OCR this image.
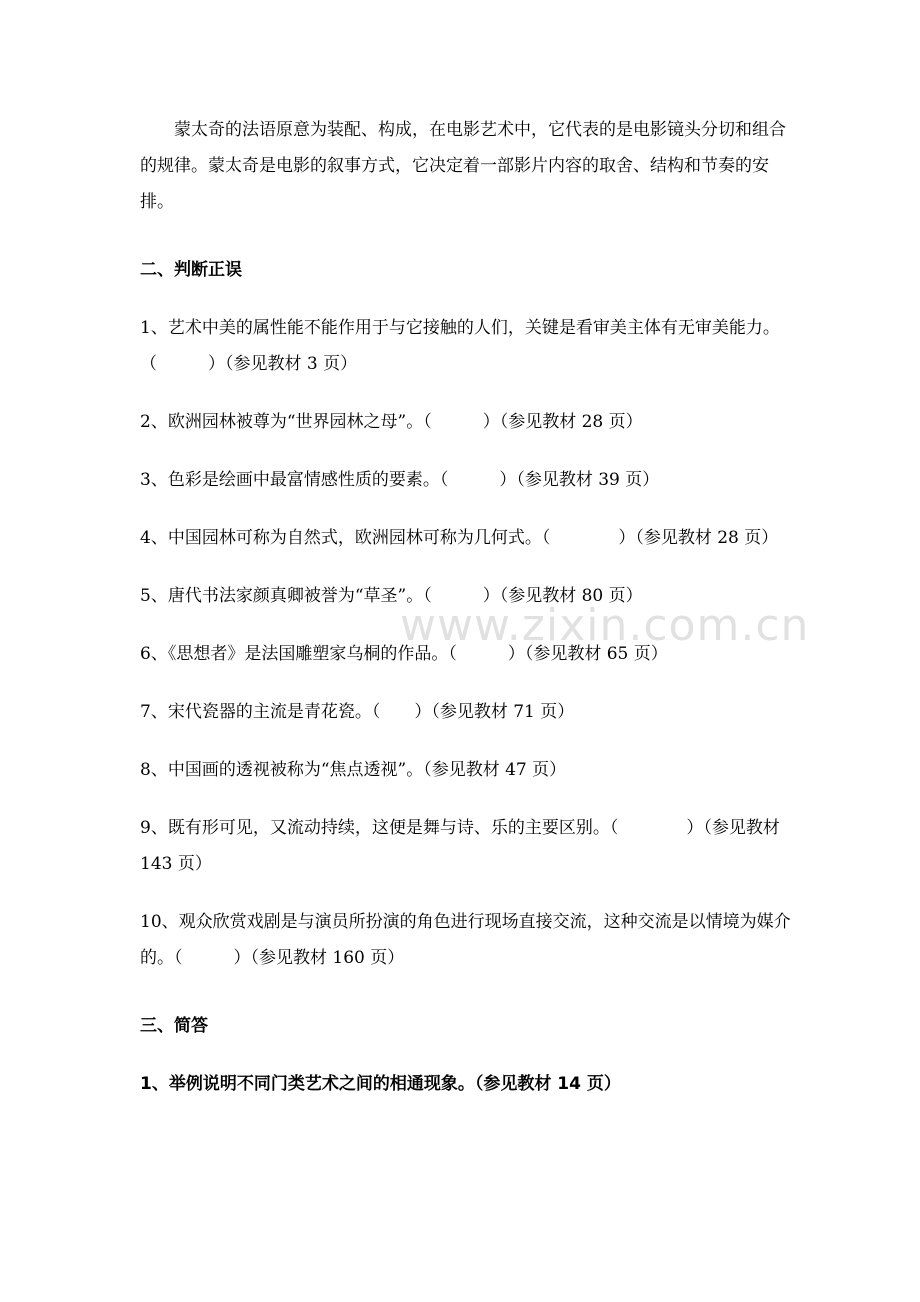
蒙太奇的法语原意为装配、构成，在电影艺术中，它代表的是电影镜头分切和组合的规律。蒙太奇是电影的叙事方式，它决定着一部影片内容的取舍、结构和节奏的安排。

二、判断正误

1、艺术中美的属性能不能作用于与它接触的人们，关键是看审美主体有无审美能力。（　　　）（参见教材 3 页）

2、欧洲园林被尊为“世界园林之母”。（　　　）（参见教材 28 页）

3、色彩是绘画中最富情感性质的要素。（　　　）（参见教材 39 页）

4、中国园林可称为自然式，欧洲园林可称为几何式。（　　　　）（参见教材 28 页）

5、唐代书法家颜真卿被誉为“草圣”。（　　　）（参见教材 80 页）

6、《思想者》是法国雕塑家乌桐的作品。（　　　）（参见教材 65 页）

7、宋代瓷器的主流是青花瓷。（　　）（参见教材 71 页）

8、中国画的透视被称为“焦点透视”。（参见教材 47 页）

9、既有形可见，又流动持续，这便是舞与诗、乐的主要区别。（　　　　）（参见教材 143 页）

10、观众欣赏戏剧是与演员所扮演的角色进行现场直接交流，这种交流是以情境为媒介的。（　　　）（参见教材 160 页）

三、简答

1、举例说明不同门类艺术之间的相通现象。（参见教材 14 页）

www.zixin.com.cn
